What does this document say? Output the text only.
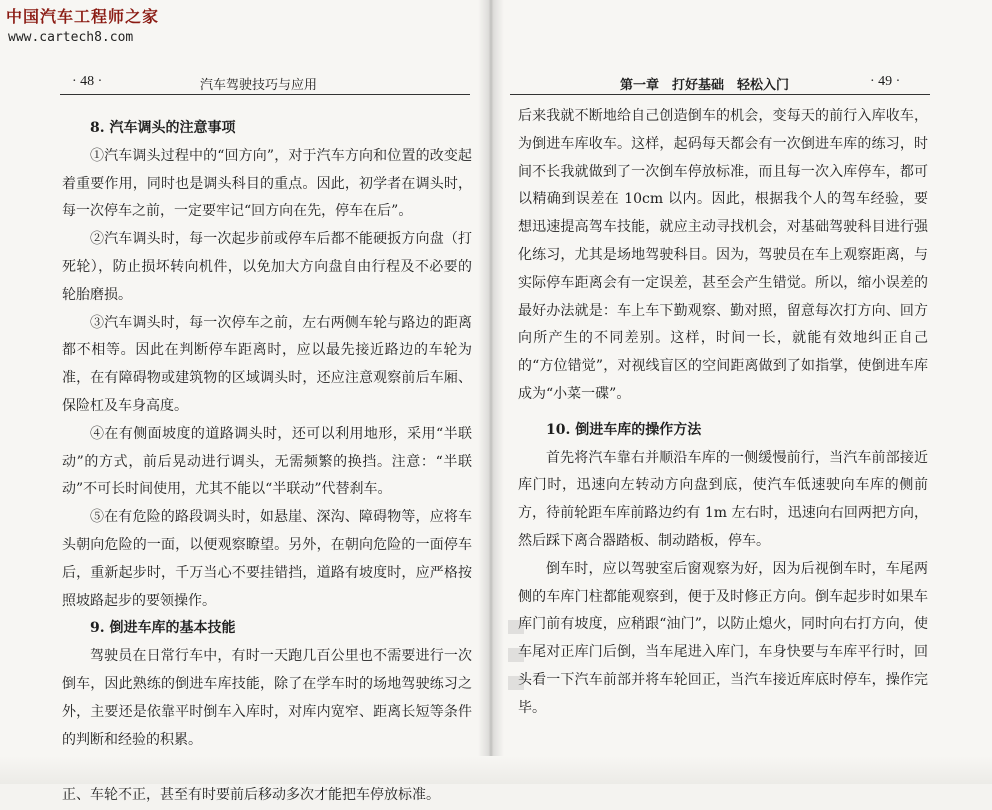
中国汽车工程师之家
www.cartech8.com
· 48 ·	汽车驾驶技巧与应用
8. 汽车调头的注意事项

①汽车调头过程中的“回方向”，对于汽车方向和位置的改变起着重要作用，同时也是调头科目的重点。因此，初学者在调头时，每一次停车之前，一定要牢记“回方向在先，停车在后”。

②汽车调头时，每一次起步前或停车后都不能硬扳方向盘（打死轮），防止损坏转向机件，以免加大方向盘自由行程及不必要的轮胎磨损。

③汽车调头时，每一次停车之前，左右两侧车轮与路边的距离都不相等。因此在判断停车距离时，应以最先接近路边的车轮为准，在有障碍物或建筑物的区域调头时，还应注意观察前后车厢、保险杠及车身高度。

④在有侧面坡度的道路调头时，还可以利用地形，采用“半联动”的方式，前后晃动进行调头，无需频繁的换挡。注意：“半联动”不可长时间使用，尤其不能以“半联动”代替刹车。

⑤在有危险的路段调头时，如悬崖、深沟、障碍物等，应将车头朝向危险的一面，以便观察瞭望。另外，在朝向危险的一面停车后，重新起步时，千万当心不要挂错挡，道路有坡度时，应严格按照坡路起步的要领操作。

9. 倒进车库的基本技能

驾驶员在日常行车中，有时一天跑几百公里也不需要进行一次倒车，因此熟练的倒进车库技能，除了在学车时的场地驾驶练习之外，主要还是依靠平时倒车入库时，对库内宽窄、距离长短等条件的判断和经验的积累。

正、车轮不正，甚至有时要前后移动多次才能把车停放标准。

第一章　打好基础　轻松入门	· 49 ·

后来我就不断地给自己创造倒车的机会，变每天的前行入库收车，为倒进车库收车。这样，起码每天都会有一次倒进车库的练习，时间不长我就做到了一次倒车停放标准，而且每一次入库停车，都可以精确到误差在 10cm 以内。因此，根据我个人的驾车经验，要想迅速提高驾车技能，就应主动寻找机会，对基础驾驶科目进行强化练习，尤其是场地驾驶科目。因为，驾驶员在车上观察距离，与实际停车距离会有一定误差，甚至会产生错觉。所以，缩小误差的最好办法就是：车上车下勤观察、勤对照，留意每次打方向、回方向所产生的不同差别。这样，时间一长，就能有效地纠正自己的“方位错觉”，对视线盲区的空间距离做到了如指掌，使倒进车库成为“小菜一碟”。

10. 倒进车库的操作方法

首先将汽车靠右并顺沿车库的一侧缓慢前行，当汽车前部接近库门时，迅速向左转动方向盘到底，使汽车低速驶向车库的侧前方，待前轮距车库前路边约有 1m 左右时，迅速向右回两把方向，然后踩下离合器踏板、制动踏板，停车。

倒车时，应以驾驶室后窗观察为好，因为后视倒车时，车尾两侧的车库门柱都能观察到，便于及时修正方向。倒车起步时如果车库门前有坡度，应稍跟“油门”，以防止熄火，同时向右打方向，使车尾对正库门后倒，当车尾进入库门，车身快要与车库平行时，回头看一下汽车前部并将车轮回正，当汽车接近库底时停车，操作完毕。
